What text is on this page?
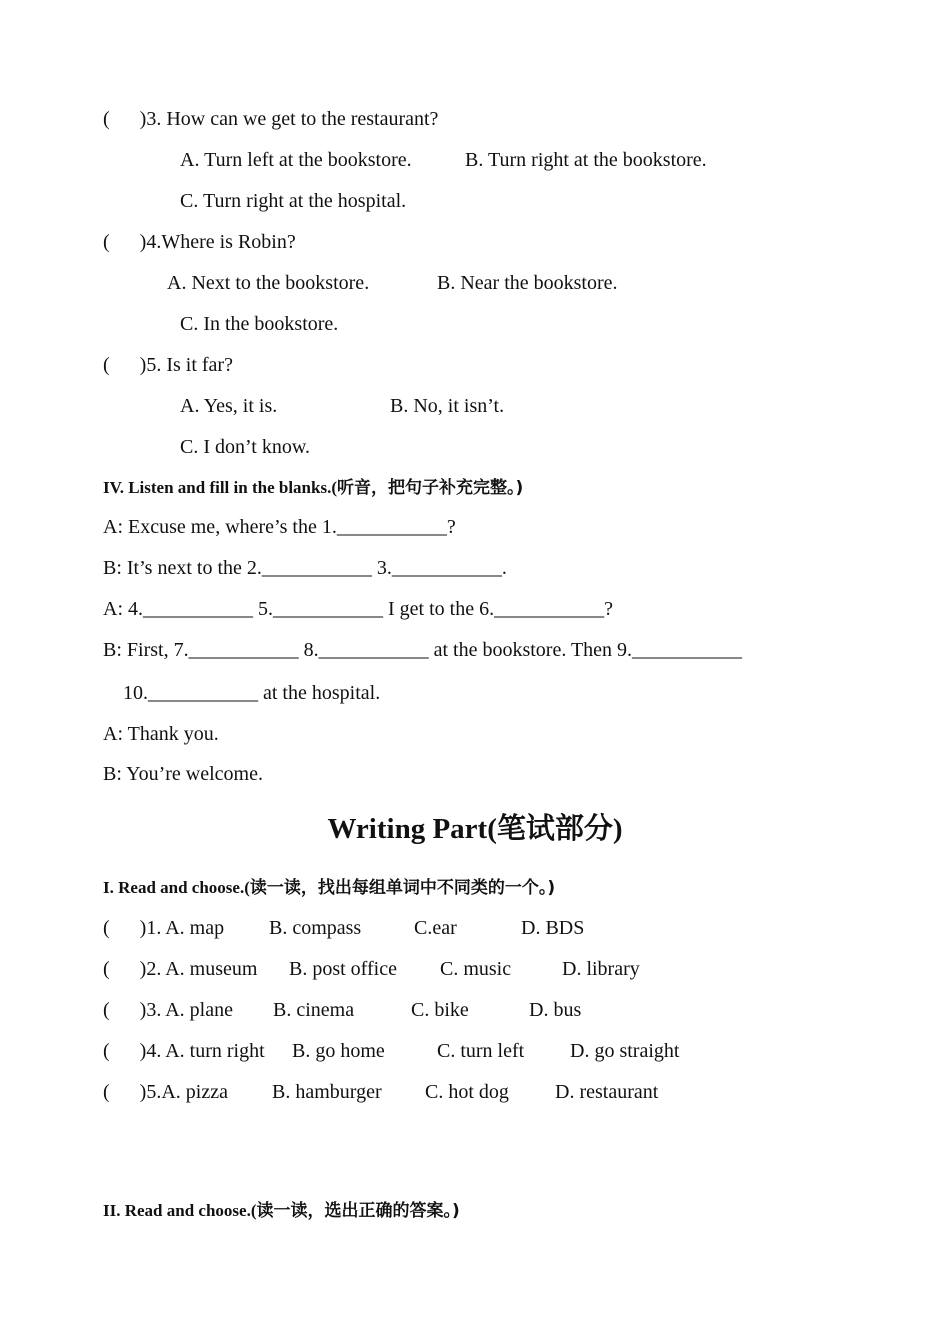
(      )3. How can we get to the restaurant?
A. Turn left at the bookstore.	B. Turn right at the bookstore.
C. Turn right at the hospital.
(      )4.Where is Robin?
A. Next to the bookstore.	B. Near the bookstore.
C. In the bookstore.
(      )5. Is it far?
A. Yes, it is.	B. No, it isn’t.
C. I don’t know.
IV. Listen and fill in the blanks.(听音，把句子补充完整。)
A: Excuse me, where’s the 1.___________?
B: It’s next to the 2.___________ 3.___________.
A: 4.___________ 5.___________ I get to the 6.___________?
B: First, 7.___________ 8.___________ at the bookstore. Then 9.___________
10.___________ at the hospital.
A: Thank you.
B: You’re welcome.
Writing Part(笔试部分)
I. Read and choose.(读一读，找出每组单词中不同类的一个。)
(      )1. A. map B. compass	C.ear	D. BDS
(      )2. A. museum B. post office C. music	D. library
(      )3. A. plane B. cinema	C. bike	D. bus
(      )4. A. turn right B. go home	C. turn left D. go straight
(      )5.A. pizza B. hamburger C. hot dog D. restaurant
II. Read and choose.(读一读，选出正确的答案。)
